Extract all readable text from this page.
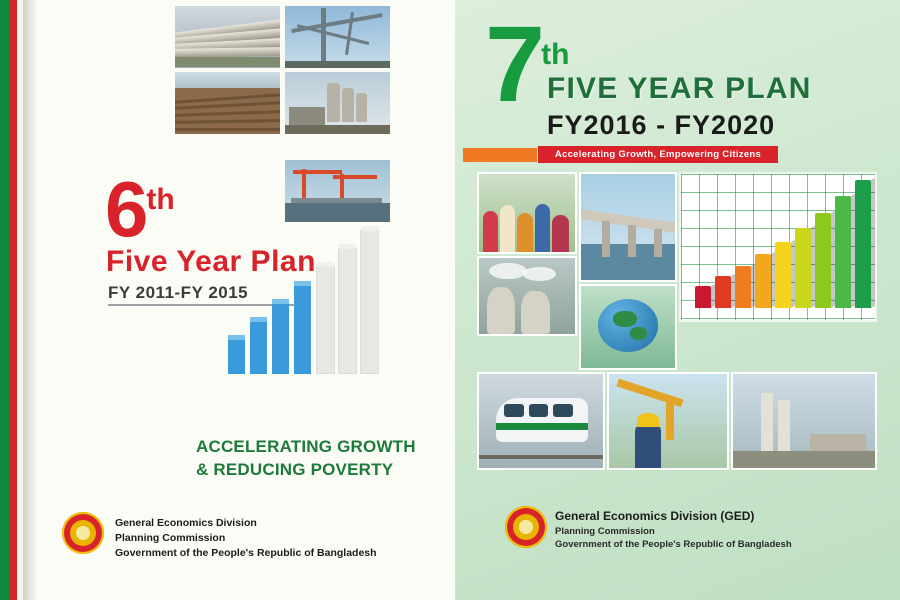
6th
Five Year Plan
FY 2011-FY 2015
ACCELERATING GROWTH
& REDUCING POVERTY
General Economics Division
Planning Commission
Government of the People's Republic of Bangladesh
7th
FIVE YEAR PLAN
FY2016 - FY2020
Accelerating Growth, Empowering Citizens
General Economics Division (GED)
Planning Commission
Government of the People's Republic of Bangladesh
